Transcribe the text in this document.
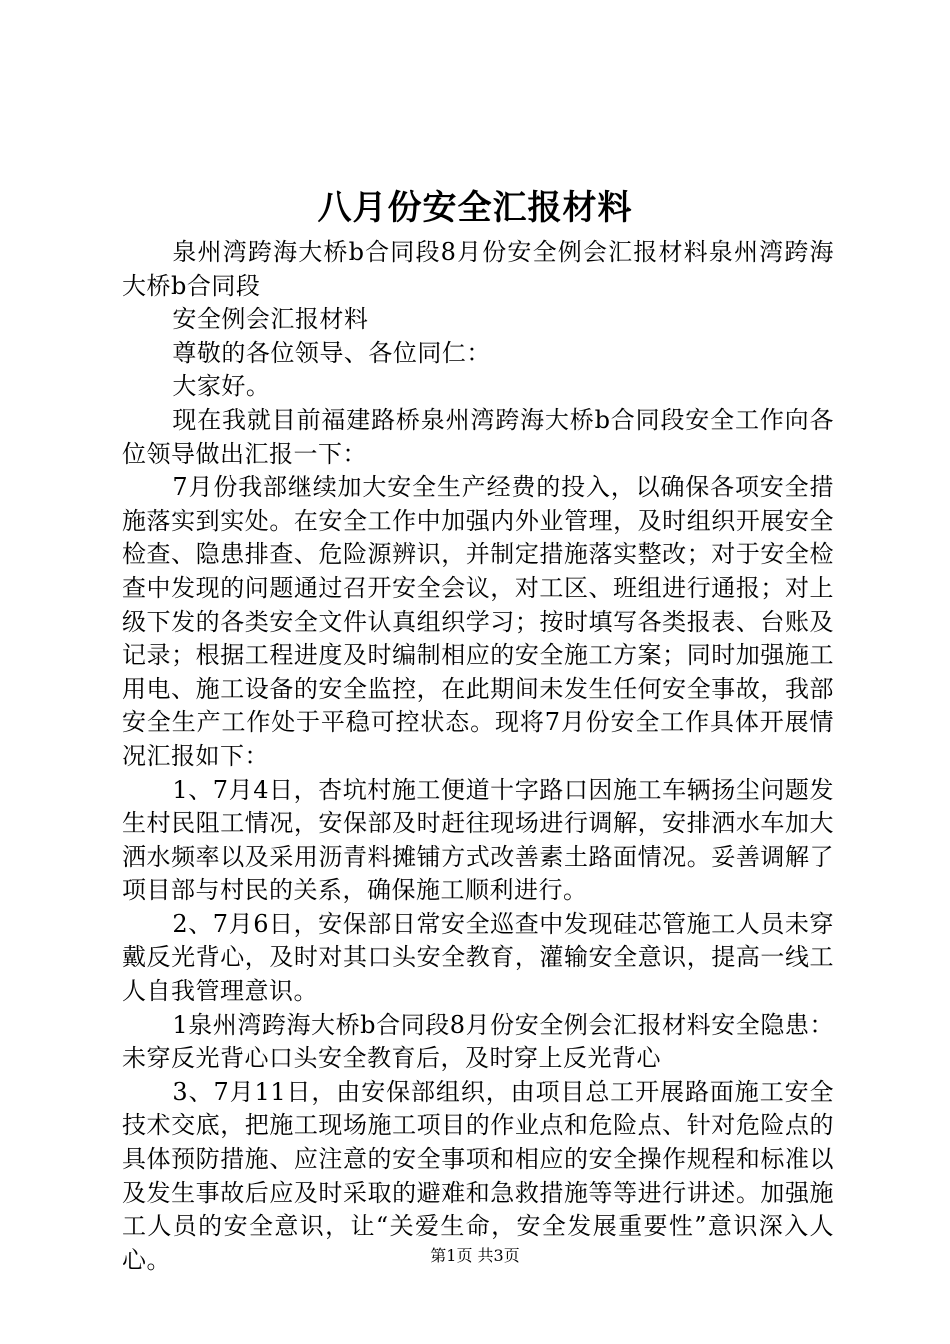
八月份安全汇报材料

泉州湾跨海大桥b合同段8月份安全例会汇报材料泉州湾跨海大桥b合同段

安全例会汇报材料

尊敬的各位领导、各位同仁：

大家好。

现在我就目前福建路桥泉州湾跨海大桥b合同段安全工作向各位领导做出汇报一下：

7月份我部继续加大安全生产经费的投入，以确保各项安全措施落实到实处。在安全工作中加强内外业管理，及时组织开展安全检查、隐患排查、危险源辨识，并制定措施落实整改；对于安全检查中发现的问题通过召开安全会议，对工区、班组进行通报；对上级下发的各类安全文件认真组织学习；按时填写各类报表、台账及记录；根据工程进度及时编制相应的安全施工方案；同时加强施工用电、施工设备的安全监控，在此期间未发生任何安全事故，我部安全生产工作处于平稳可控状态。现将7月份安全工作具体开展情况汇报如下：

1、7月4日，杏坑村施工便道十字路口因施工车辆扬尘问题发生村民阻工情况，安保部及时赶往现场进行调解，安排洒水车加大洒水频率以及采用沥青料摊铺方式改善素土路面情况。妥善调解了项目部与村民的关系，确保施工顺利进行。

2、7月6日，安保部日常安全巡查中发现硅芯管施工人员未穿戴反光背心，及时对其口头安全教育，灌输安全意识，提高一线工人自我管理意识。

1泉州湾跨海大桥b合同段8月份安全例会汇报材料安全隐患：未穿反光背心口头安全教育后，及时穿上反光背心

3、7月11日，由安保部组织，由项目总工开展路面施工安全技术交底，把施工现场施工项目的作业点和危险点、针对危险点的具体预防措施、应注意的安全事项和相应的安全操作规程和标准以及发生事故后应及时采取的避难和急救措施等等进行讲述。加强施工人员的安全意识，让“关爱生命，安全发展重要性”意识深入人心。	第1页 共3页
